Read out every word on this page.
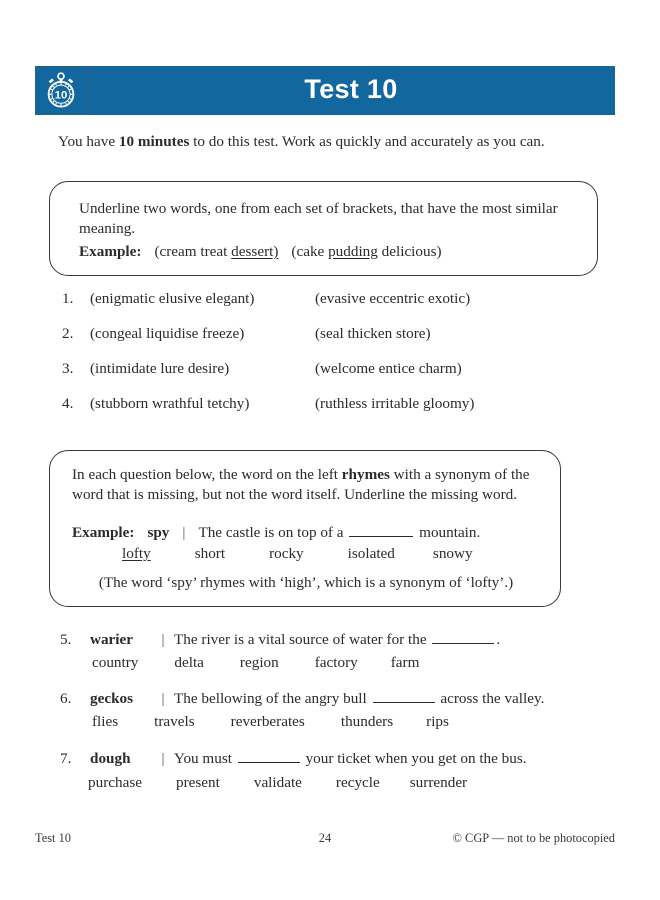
10	Test 10
You have 10 minutes to do this test. Work as quickly and accurately as you can.
Underline two words, one from each set of brackets, that have the most similar meaning.
Example: (cream treat dessert) (cake pudding delicious)
1. (enigmatic elusive elegant)	(evasive eccentric exotic)
2. (congeal liquidise freeze)	(seal thicken store)
3. (intimidate lure desire)	(welcome entice charm)
4. (stubborn wrathful tetchy)	(ruthless irritable gloomy)
In each question below, the word on the left rhymes with a synonym of the word that is missing, but not the word itself. Underline the missing word.
Example: spy | The castle is on top of a	mountain.
lofty	short	rocky	isolated	snowy
(The word ‘spy’ rhymes with ‘high’, which is a synonym of ‘lofty’.)
5. warier | The river is a vital source of water for the	.
country delta region factory farm
6. geckos | The bellowing of the angry bull	across the valley.
flies travels reverberates thunders rips
7. dough | You must	your ticket when you get on the bus.
purchase present validate recycle surrender
Test 10	24	© CGP — not to be photocopied
